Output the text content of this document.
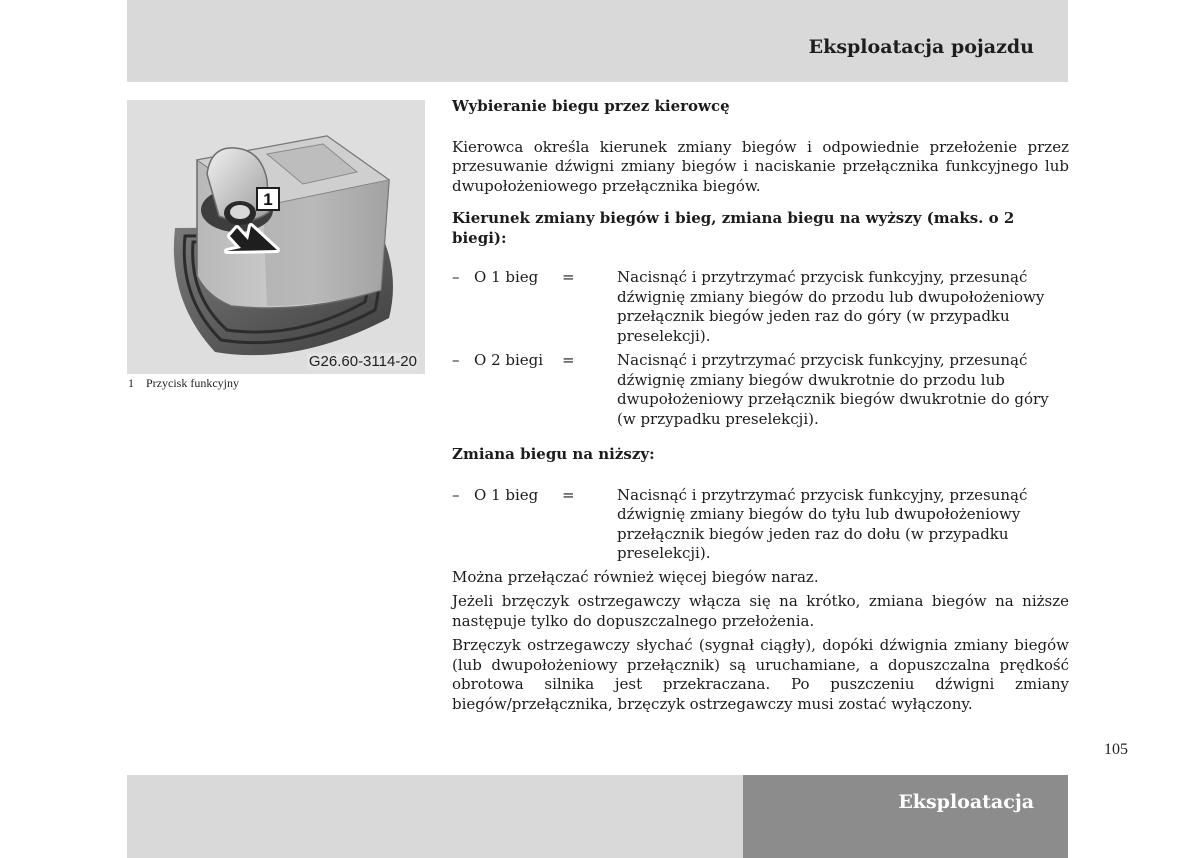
Eksploatacja pojazdu
1
G26.60-3114-20
1 Przycisk funkcyjny

Wybieranie biegu przez kierowcę

Kierowca określa kierunek zmiany biegów i odpowiednie przełożenie przez przesuwanie dźwigni zmiany biegów i naciskanie przełącznika funkcyjnego lub dwupołożeniowego przełącznika biegów.

Kierunek zmiany biegów i bieg, zmiana biegu na wyższy (maks. o 2 biegi):

– O 1 bieg	=	Nacisnąć i przytrzymać przycisk funkcyjny, przesunąć dźwignię zmiany biegów do przodu lub dwupołożeniowy przełącznik biegów jeden raz do góry (w przypadku preselekcji).
– O 2 biegi	=	Nacisnąć i przytrzymać przycisk funkcyjny, przesunąć dźwignię zmiany biegów dwukrotnie do przodu lub dwupołożeniowy przełącznik biegów dwukrotnie do góry (w przypadku preselekcji).

Zmiana biegu na niższy:

– O 1 bieg	=	Nacisnąć i przytrzymać przycisk funkcyjny, przesunąć dźwignię zmiany biegów do tyłu lub dwupołożeniowy przełącznik biegów jeden raz do dołu (w przypadku preselekcji).

Można przełączać również więcej biegów naraz.

Jeżeli brzęczyk ostrzegawczy włącza się na krótko, zmiana biegów na niższe następuje tylko do dopuszczalnego przełożenia.

Brzęczyk ostrzegawczy słychać (sygnał ciągły), dopóki dźwignia zmiany biegów (lub dwupołożeniowy przełącznik) są uruchamiane, a dopuszczalna prędkość obrotowa silnika jest przekraczana. Po puszczeniu dźwigni zmiany biegów/przełącznika, brzęczyk ostrzegawczy musi zostać wyłączony.

105
Eksploatacja
